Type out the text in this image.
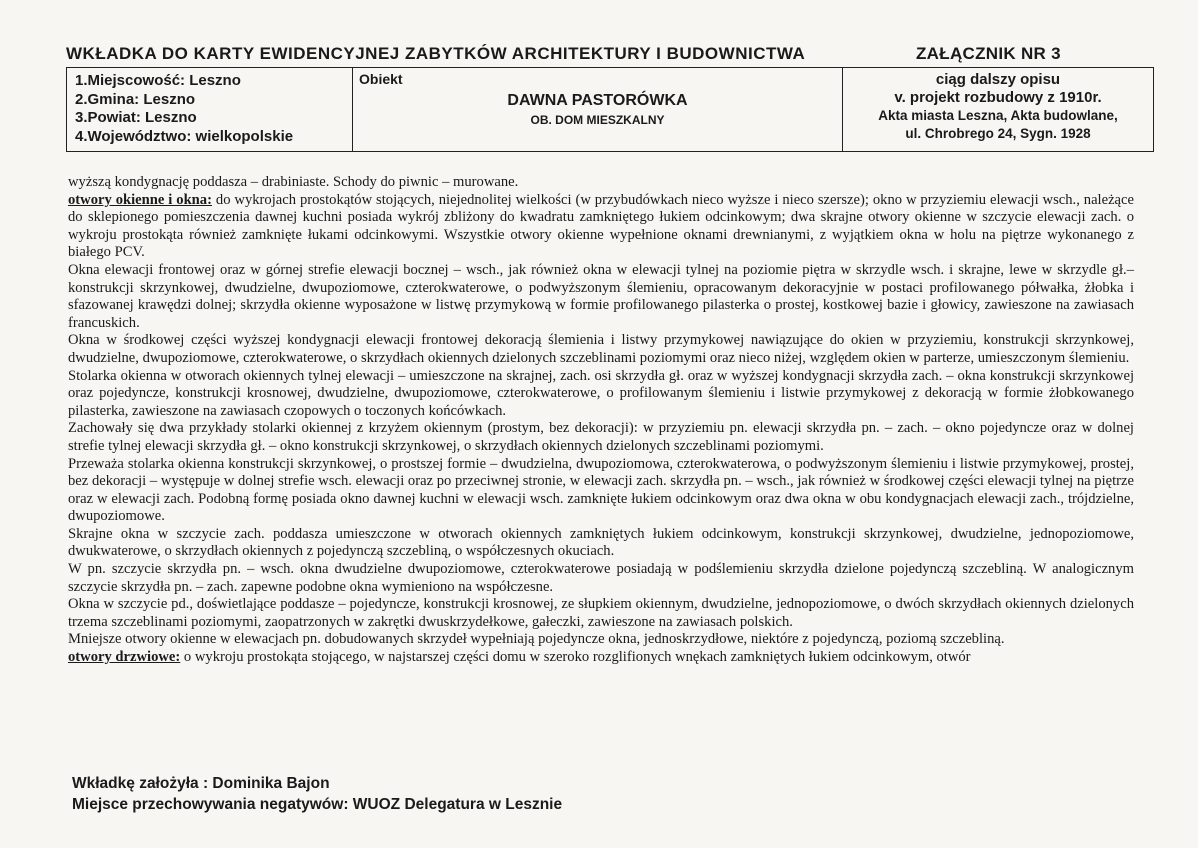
WKŁADKA DO KARTY EWIDENCYJNEJ ZABYTKÓW ARCHITEKTURY I BUDOWNICTWA	ZAŁĄCZNIK NR 3
1.Miejscowość: Leszno
2.Gmina: Leszno
3.Powiat: Leszno
4.Województwo: wielkopolskie
Obiekt
DAWNA PASTORÓWKA
OB. DOM MIESZKALNY
ciąg dalszy opisu
v. projekt rozbudowy z 1910r.
Akta miasta Leszna, Akta budowlane,
ul. Chrobrego 24, Sygn. 1928

wyższą kondygnację poddasza – drabiniaste. Schody do piwnic – murowane.

otwory okienne i okna: do wykrojach prostokątów stojących, niejednolitej wielkości (w przybudówkach nieco wyższe i nieco szersze); okno w przyziemiu elewacji wsch., należące do sklepionego pomieszczenia dawnej kuchni posiada wykrój zbliżony do kwadratu zamkniętego łukiem odcinkowym; dwa skrajne otwory okienne w szczycie elewacji zach. o wykroju prostokąta również zamknięte łukami odcinkowymi. Wszystkie otwory okienne wypełnione oknami drewnianymi, z wyjątkiem okna w holu na piętrze wykonanego z białego PCV.

Okna elewacji frontowej oraz w górnej strefie elewacji bocznej – wsch., jak również okna w elewacji tylnej na poziomie piętra w skrzydle wsch. i skrajne, lewe w skrzydle gł.– konstrukcji skrzynkowej, dwudzielne, dwupoziomowe, czterokwaterowe, o podwyższonym ślemieniu, opracowanym dekoracyjnie w postaci profilowanego półwałka, żłobka i sfazowanej krawędzi dolnej; skrzydła okienne wyposażone w listwę przymykową w formie profilowanego pilasterka o prostej, kostkowej bazie i głowicy, zawieszone na zawiasach francuskich.

Okna w środkowej części wyższej kondygnacji elewacji frontowej dekoracją ślemienia i listwy przymykowej nawiązujące do okien w przyziemiu, konstrukcji skrzynkowej, dwudzielne, dwupoziomowe, czterokwaterowe, o skrzydłach okiennych dzielonych szczeblinami poziomymi oraz nieco niżej, względem okien w parterze, umieszczonym ślemieniu.

Stolarka okienna w otworach okiennych tylnej elewacji – umieszczone na skrajnej, zach. osi skrzydła gł. oraz w wyższej kondygnacji skrzydła zach. – okna konstrukcji skrzynkowej oraz pojedyncze, konstrukcji krosnowej, dwudzielne, dwupoziomowe, czterokwaterowe, o profilowanym ślemieniu i listwie przymykowej z dekoracją w formie żłobkowanego pilasterka, zawieszone na zawiasach czopowych o toczonych końcówkach.

Zachowały się dwa przykłady stolarki okiennej z krzyżem okiennym (prostym, bez dekoracji): w przyziemiu pn. elewacji skrzydła pn. – zach. – okno pojedyncze oraz w dolnej strefie tylnej elewacji skrzydła gł. – okno konstrukcji skrzynkowej, o skrzydłach okiennych dzielonych szczeblinami poziomymi.

Przeważa stolarka okienna konstrukcji skrzynkowej, o prostszej formie – dwudzielna, dwupoziomowa, czterokwaterowa, o podwyższonym ślemieniu i listwie przymykowej, prostej, bez dekoracji – występuje w dolnej strefie wsch. elewacji oraz po przeciwnej stronie, w elewacji zach. skrzydła pn. – wsch., jak również w środkowej części elewacji tylnej na piętrze oraz w elewacji zach. Podobną formę posiada okno dawnej kuchni w elewacji wsch. zamknięte łukiem odcinkowym oraz dwa okna w obu kondygnacjach elewacji zach., trójdzielne, dwupoziomowe.

Skrajne okna w szczycie zach. poddasza umieszczone w otworach okiennych zamkniętych łukiem odcinkowym, konstrukcji skrzynkowej, dwudzielne, jednopoziomowe, dwukwaterowe, o skrzydłach okiennych z pojedynczą szczebliną, o współczesnych okuciach.

W pn. szczycie skrzydła pn. – wsch. okna dwudzielne dwupoziomowe, czterokwaterowe posiadają w podślemieniu skrzydła dzielone pojedynczą szczebliną. W analogicznym szczycie skrzydła pn. – zach. zapewne podobne okna wymieniono na współczesne.

Okna w szczycie pd., doświetlające poddasze – pojedyncze, konstrukcji krosnowej, ze słupkiem okiennym, dwudzielne, jednopoziomowe, o dwóch skrzydłach okiennych dzielonych trzema szczeblinami poziomymi, zaopatrzonych w zakrętki dwuskrzydełkowe, gałeczki, zawieszone na zawiasach polskich.

Mniejsze otwory okienne w elewacjach pn. dobudowanych skrzydeł wypełniają pojedyncze okna, jednoskrzydłowe, niektóre z pojedynczą, poziomą szczebliną.

otwory drzwiowe: o wykroju prostokąta stojącego, w najstarszej części domu w szeroko rozglifionych wnękach zamkniętych łukiem odcinkowym, otwór

Wkładkę założyła : Dominika Bajon
Miejsce przechowywania negatywów: WUOZ Delegatura w Lesznie
